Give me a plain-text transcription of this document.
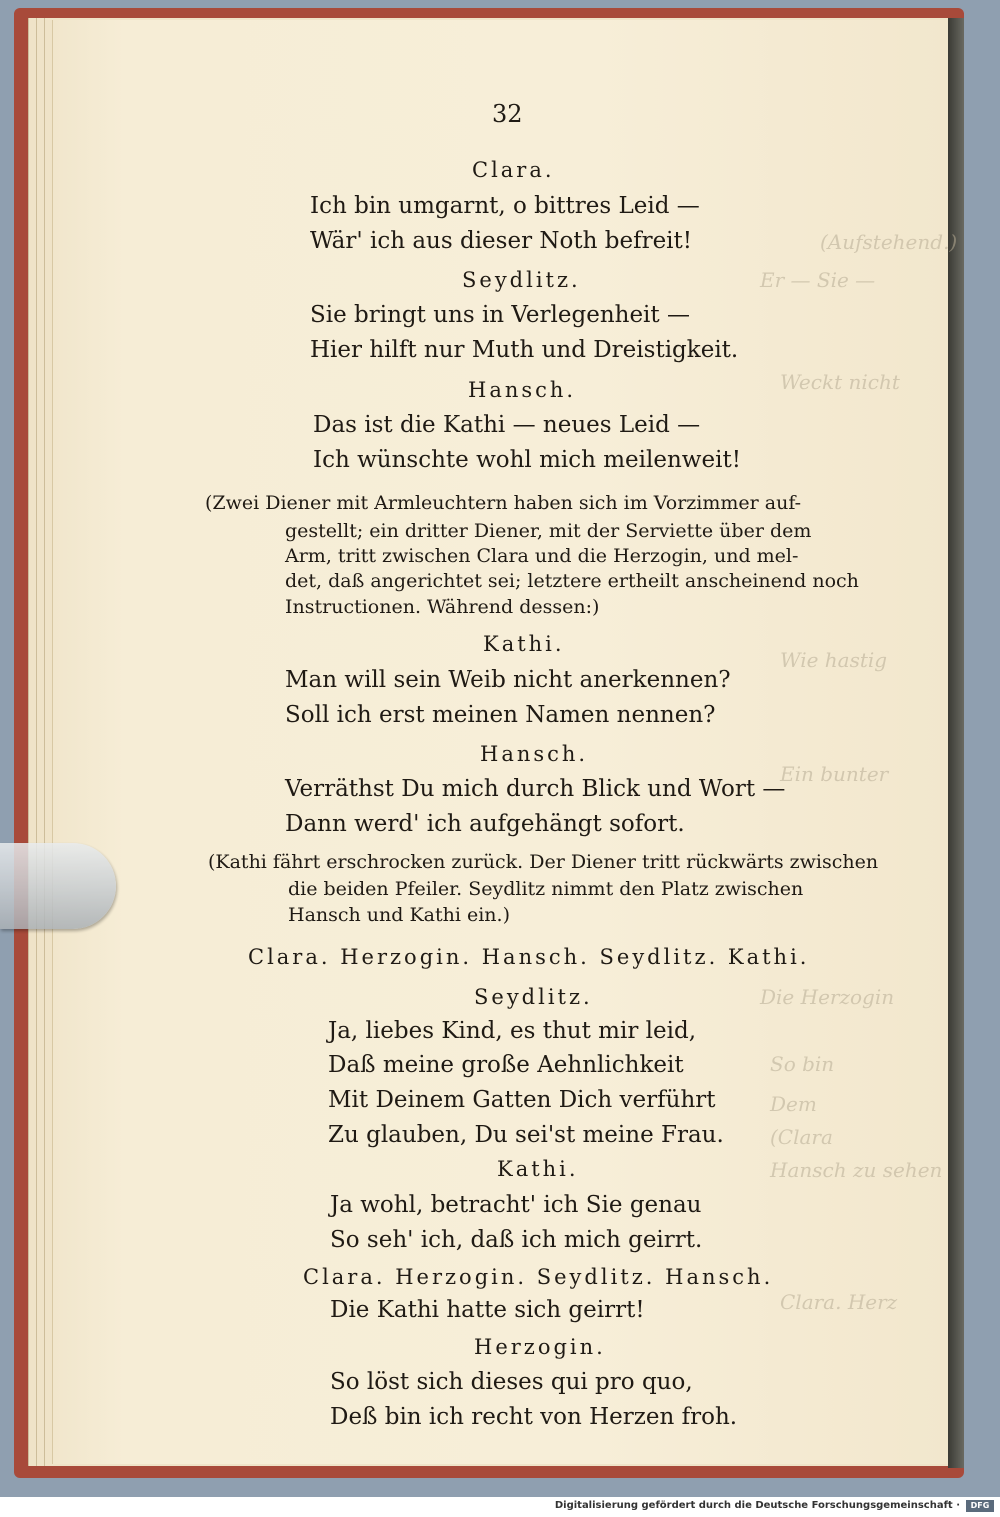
(Aufstehend.)
Er — Sie —
Weckt nicht
Wie hastig
Ein bunter
Die Herzogin
So bin
Dem
(Clara
Hansch zu sehen
Clara. Herz
32
Clara.
Ich bin umgarnt, o bittres Leid —
Wär' ich aus dieser Noth befreit!
Seydlitz.
Sie bringt uns in Verlegenheit —
Hier hilft nur Muth und Dreistigkeit.
Hansch.
Das ist die Kathi — neues Leid —
Ich wünschte wohl mich meilenweit!
(Zwei Diener mit Armleuchtern haben sich im Vorzimmer auf-
gestellt; ein dritter Diener, mit der Serviette über dem
Arm, tritt zwischen Clara und die Herzogin, und mel-
det, daß angerichtet sei; letztere ertheilt anscheinend noch
Instructionen. Während dessen:)
Kathi.
Man will sein Weib nicht anerkennen?
Soll ich erst meinen Namen nennen?
Hansch.
Verräthst Du mich durch Blick und Wort —
Dann werd' ich aufgehängt sofort.
(Kathi fährt erschrocken zurück. Der Diener tritt rückwärts zwischen
die beiden Pfeiler. Seydlitz nimmt den Platz zwischen
Hansch und Kathi ein.)
Clara. Herzogin. Hansch. Seydlitz. Kathi.
Seydlitz.
Ja, liebes Kind, es thut mir leid,
Daß meine große Aehnlichkeit
Mit Deinem Gatten Dich verführt
Zu glauben, Du sei'st meine Frau.
Kathi.
Ja wohl, betracht' ich Sie genau
So seh' ich, daß ich mich geirrt.
Clara. Herzogin. Seydlitz. Hansch.
Die Kathi hatte sich geirrt!
Herzogin.
So löst sich dieses qui pro quo,
Deß bin ich recht von Herzen froh.
Digitalisierung gefördert durch die Deutsche Forschungsgemeinschaft ·	DFG
